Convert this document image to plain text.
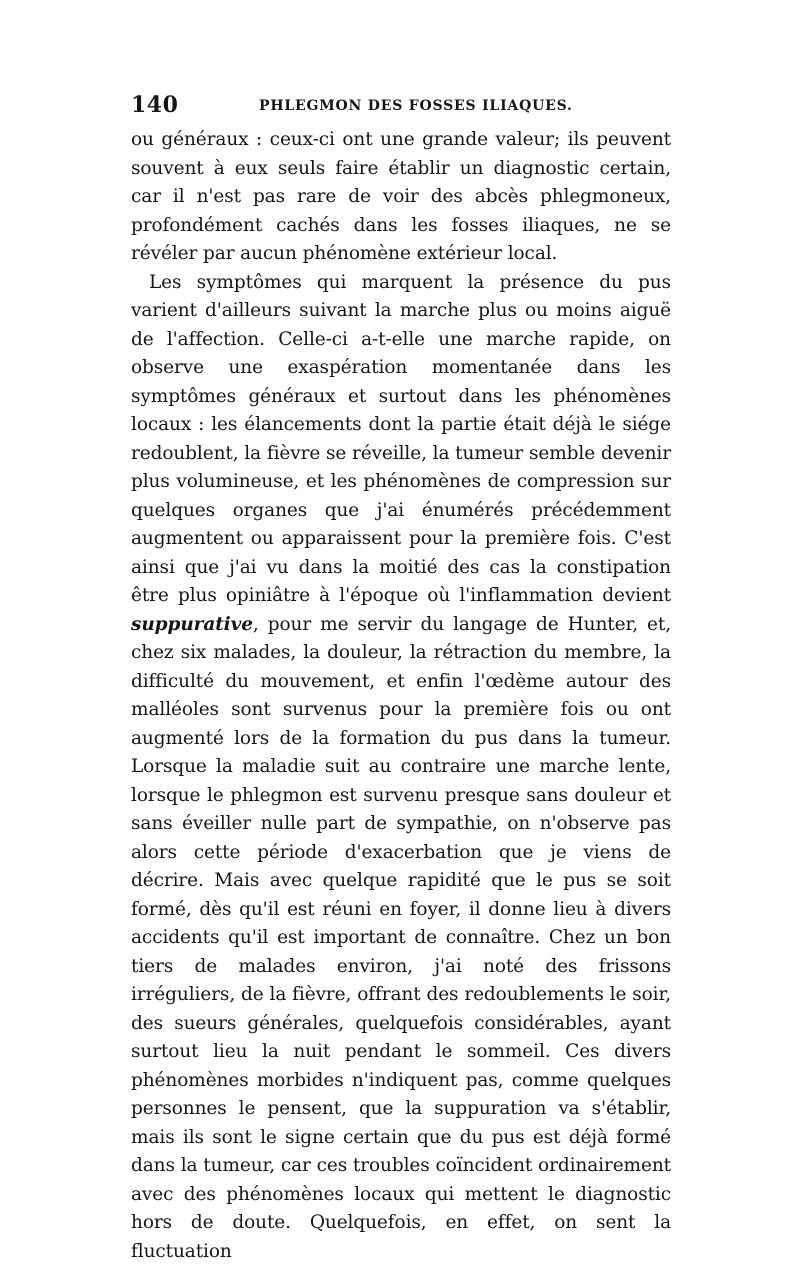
140	PHLEGMON DES FOSSES ILIAQUES.

ou généraux : ceux-ci ont une grande valeur; ils peuvent souvent à eux seuls faire établir un diagnostic certain, car il n'est pas rare de voir des abcès phlegmoneux, profondément cachés dans les fosses iliaques, ne se révéler par aucun phénomène extérieur local.

Les symptômes qui marquent la présence du pus varient d'ailleurs suivant la marche plus ou moins aiguë de l'affection. Celle-ci a-t-elle une marche rapide, on observe une exaspération momentanée dans les symptômes généraux et surtout dans les phénomènes locaux : les élancements dont la partie était déjà le siége redoublent, la fièvre se réveille, la tumeur semble devenir plus volumineuse, et les phénomènes de compression sur quelques organes que j'ai énumérés précédemment augmentent ou apparaissent pour la première fois. C'est ainsi que j'ai vu dans la moitié des cas la constipation être plus opiniâtre à l'époque où l'inflammation devient suppurative, pour me servir du langage de Hunter, et, chez six malades, la douleur, la rétraction du membre, la difficulté du mouvement, et enfin l'œdème autour des malléoles sont survenus pour la première fois ou ont augmenté lors de la formation du pus dans la tumeur. Lorsque la maladie suit au contraire une marche lente, lorsque le phlegmon est survenu presque sans douleur et sans éveiller nulle part de sympathie, on n'observe pas alors cette période d'exacerbation que je viens de décrire. Mais avec quelque rapidité que le pus se soit formé, dès qu'il est réuni en foyer, il donne lieu à divers accidents qu'il est important de connaître. Chez un bon tiers de malades environ, j'ai noté des frissons irréguliers, de la fièvre, offrant des redoublements le soir, des sueurs générales, quelquefois considérables, ayant surtout lieu la nuit pendant le sommeil. Ces divers phénomènes morbides n'indiquent pas, comme quelques personnes le pensent, que la suppuration va s'établir, mais ils sont le signe certain que du pus est déjà formé dans la tumeur, car ces troubles coïncident ordinairement avec des phénomènes locaux qui mettent le diagnostic hors de doute. Quelquefois, en effet, on sent la fluctuation
